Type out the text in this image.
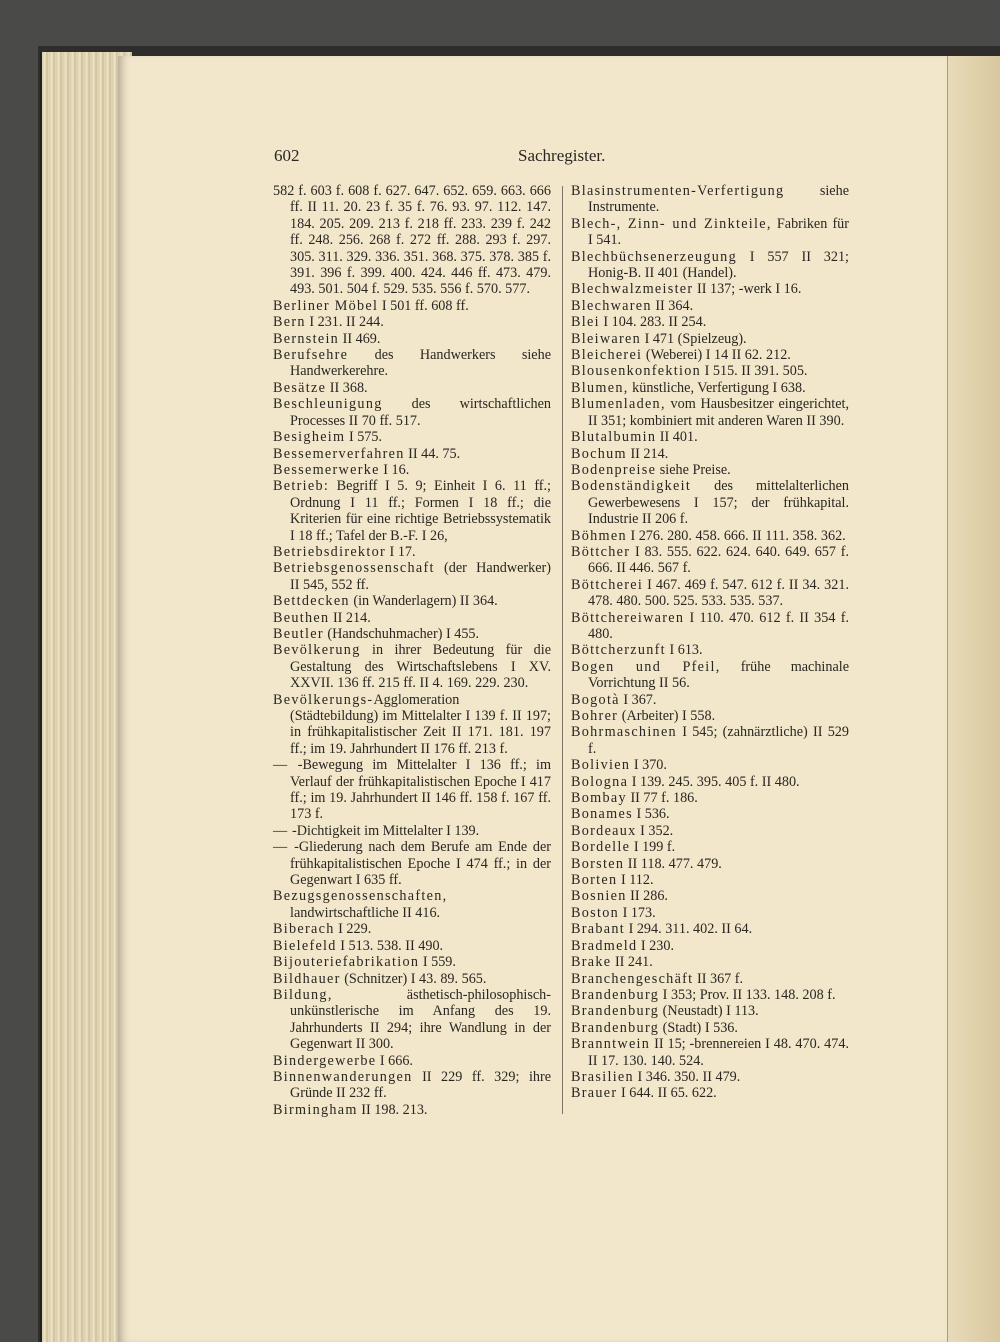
602	Sachregister.
582 f. 603 f. 608 f. 627. 647. 652. 659. 663. 666 ff. II 11. 20. 23 f. 35 f. 76. 93. 97. 112. 147. 184. 205. 209. 213 f. 218 ff. 233. 239 f. 242 ff. 248. 256. 268 f. 272 ff. 288. 293 f. 297. 305. 311. 329. 336. 351. 368. 375. 378. 385 f. 391. 396 f. 399. 400. 424. 446 ff. 473. 479. 493. 501. 504 f. 529. 535. 556 f. 570. 577.
Berliner Möbel I 501 ff. 608 ff.
Bern I 231. II 244.
Bernstein II 469.
Berufsehre des Handwerkers siehe Handwerkerehre.
Besätze II 368.
Beschleunigung des wirtschaftlichen Processes II 70 ff. 517.
Besigheim I 575.
Bessemerverfahren II 44. 75.
Bessemerwerke I 16.
Betrieb: Begriff I 5. 9; Einheit I 6. 11 ff.; Ordnung I 11 ff.; Formen I 18 ff.; die Kriterien für eine richtige Betriebssystematik I 18 ff.; Tafel der B.-F. I 26,
Betriebsdirektor I 17.
Betriebsgenossenschaft (der Handwerker) II 545, 552 ff.
Bettdecken (in Wanderlagern) II 364.
Beuthen II 214.
Beutler (Handschuhmacher) I 455.
Bevölkerung in ihrer Bedeutung für die Gestaltung des Wirtschaftslebens I XV. XXVII. 136 ff. 215 ff. II 4. 169. 229. 230.
Bevölkerungs-Agglomeration (Städtebildung) im Mittelalter I 139 f. II 197; in frühkapitalistischer Zeit II 171. 181. 197 ff.; im 19. Jahrhundert II 176 ff. 213 f.
— -Bewegung im Mittelalter I 136 ff.; im Verlauf der frühkapitalistischen Epoche I 417 ff.; im 19. Jahrhundert II 146 ff. 158 f. 167 ff. 173 f.
— -Dichtigkeit im Mittelalter I 139.
— -Gliederung nach dem Berufe am Ende der frühkapitalistischen Epoche I 474 ff.; in der Gegenwart I 635 ff.
Bezugsgenossenschaften, landwirtschaftliche II 416.
Biberach I 229.
Bielefeld I 513. 538. II 490.
Bijouteriefabrikation I 559.
Bildhauer (Schnitzer) I 43. 89. 565.
Bildung, ästhetisch-philosophisch-unkünstlerische im Anfang des 19. Jahrhunderts II 294; ihre Wandlung in der Gegenwart II 300.
Bindergewerbe I 666.
Binnenwanderungen II 229 ff. 329; ihre Gründe II 232 ff.
Birmingham II 198. 213.
Blasinstrumenten-Verfertigung siehe Instrumente.
Blech-, Zinn- und Zinkteile, Fabriken für I 541.
Blechbüchsenerzeugung I 557 II 321; Honig-B. II 401 (Handel).
Blechwalzmeister II 137; -werk I 16.
Blechwaren II 364.
Blei I 104. 283. II 254.
Bleiwaren I 471 (Spielzeug).
Bleicherei (Weberei) I 14 II 62. 212.
Blousenkonfektion I 515. II 391. 505.
Blumen, künstliche, Verfertigung I 638.
Blumenladen, vom Hausbesitzer eingerichtet, II 351; kombiniert mit anderen Waren II 390.
Blutalbumin II 401.
Bochum II 214.
Bodenpreise siehe Preise.
Bodenständigkeit des mittelalterlichen Gewerbewesens I 157; der frühkapital. Industrie II 206 f.
Böhmen I 276. 280. 458. 666. II 111. 358. 362.
Böttcher I 83. 555. 622. 624. 640. 649. 657 f. 666. II 446. 567 f.
Böttcherei I 467. 469 f. 547. 612 f. II 34. 321. 478. 480. 500. 525. 533. 535. 537.
Böttchereiwaren I 110. 470. 612 f. II 354 f. 480.
Böttcherzunft I 613.
Bogen und Pfeil, frühe machinale Vorrichtung II 56.
Bogotà I 367.
Bohrer (Arbeiter) I 558.
Bohrmaschinen I 545; (zahnärztliche) II 529 f.
Bolivien I 370.
Bologna I 139. 245. 395. 405 f. II 480.
Bombay II 77 f. 186.
Bonames I 536.
Bordeaux I 352.
Bordelle I 199 f.
Borsten II 118. 477. 479.
Borten I 112.
Bosnien II 286.
Boston I 173.
Brabant I 294. 311. 402. II 64.
Bradmeld I 230.
Brake II 241.
Branchengeschäft II 367 f.
Brandenburg I 353; Prov. II 133. 148. 208 f.
Brandenburg (Neustadt) I 113.
Brandenburg (Stadt) I 536.
Branntwein II 15; -brennereien I 48. 470. 474. II 17. 130. 140. 524.
Brasilien I 346. 350. II 479.
Brauer I 644. II 65. 622.
